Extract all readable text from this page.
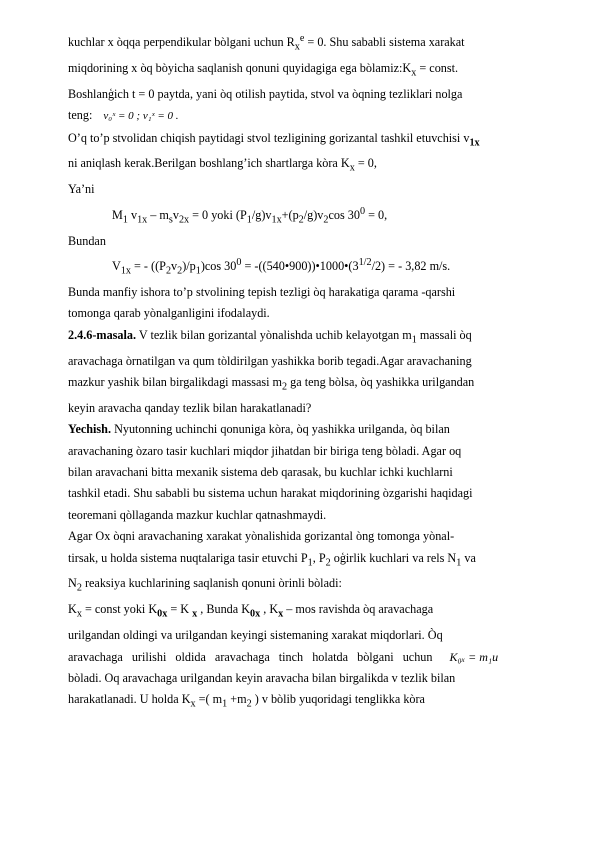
kuchlar x òqqa perpendikular bòlgani uchun $R_x^e = 0$. Shu sababli sistema xarakat

miqdorining x òq bòyicha saqlanish qonuni quyidagiga ega $bòlamiz:K_x$ = const.

Boshlanģich t = 0 paytda, yani òq otilish paytida, stvol va òqning tezliklari nolga

teng: v₀ˣ = 0 ; v₁ˣ = 0 .

O’q to’p stvolidan chiqish paytidagi stvol tezligining gorizantal tashkil etuvchisi $v_{1x}$

ni aniqlash kerak.Berilgan boshlang’ich shartlarga kòra $K_x = 0$,

Ya’ni

$M_1$ $v_{1x} - m_sv_{2x} = 0$ yoki $(P_1/g)v_{1x}+(p_2/g)v_2\cos$ $30^0 = 0$,

Bundan

$V_{1x}$ = - $((P_2v_2)/p_1)\cos$ $30^0$ = $-((540•900))•1000•(3^{1/2}/2)$ = - 3,82 m/s.

Bunda manfiy ishora to’p stvolining tepish tezligi òq harakatiga qarama -qarshi

tomonga qarab yònalganligini ifodalaydi.

2.4.6-masala. V tezlik bilan gorizantal yònalishda uchib kelayotgan $m_1$ massali òq

aravachaga òrnatilgan va qum tòldirilgan yashikka borib tegadi.Agar aravachaning

mazkur yashik bilan birgalikdagi massasi $m_2$ ga teng bòlsa, òq yashikka urilgandan

keyin aravacha qanday tezlik bilan harakatlanadi?

Yechish. Nyutonning uchinchi qonuniga kòra, òq yashikka urilganda, òq bilan

aravachaning òzaro tasir kuchlari miqdor jihatdan bir biriga teng bòladi. Agar oq

bilan aravachani bitta mexanik sistema deb qarasak, bu kuchlar ichki kuchlarni

tashkil etadi. Shu sababli bu sistema uchun harakat miqdorining òzgarishi haqidagi

teoremani qòllaganda mazkur kuchlar qatnashmaydi.

Agar Ox òqni aravachaning xarakat yònalishida gorizantal òng tomonga yònal-

tirsak, u holda sistema nuqtalariga tasir etuvchi $P_1$, $P_2$ oģirlik kuchlari va rels $N_1$ va

$N_2$ reaksiya kuchlarining saqlanish qonuni òrinli bòladi:

$K_x$ = const yoki $K_{0x} = K$ $_x$ , Bunda $K_{0x}$ , $K_x$ – mos ravishda òq aravachaga

urilgandan oldingi va urilgandan keyingi sistemaning xarakat miqdorlari. Òq

aravachaga urilishi oldida aravachaga tinch holatda bòlgani uchun K₀ₓ = m₁u

bòladi. Oq aravachaga urilgandan keyin aravacha bilan birgalikda v tezlik bilan

harakatlanadi. U holda $K_x$ =( $m_1 +m_2$ ) v bòlib yuqoridagi tenglikka kòra
